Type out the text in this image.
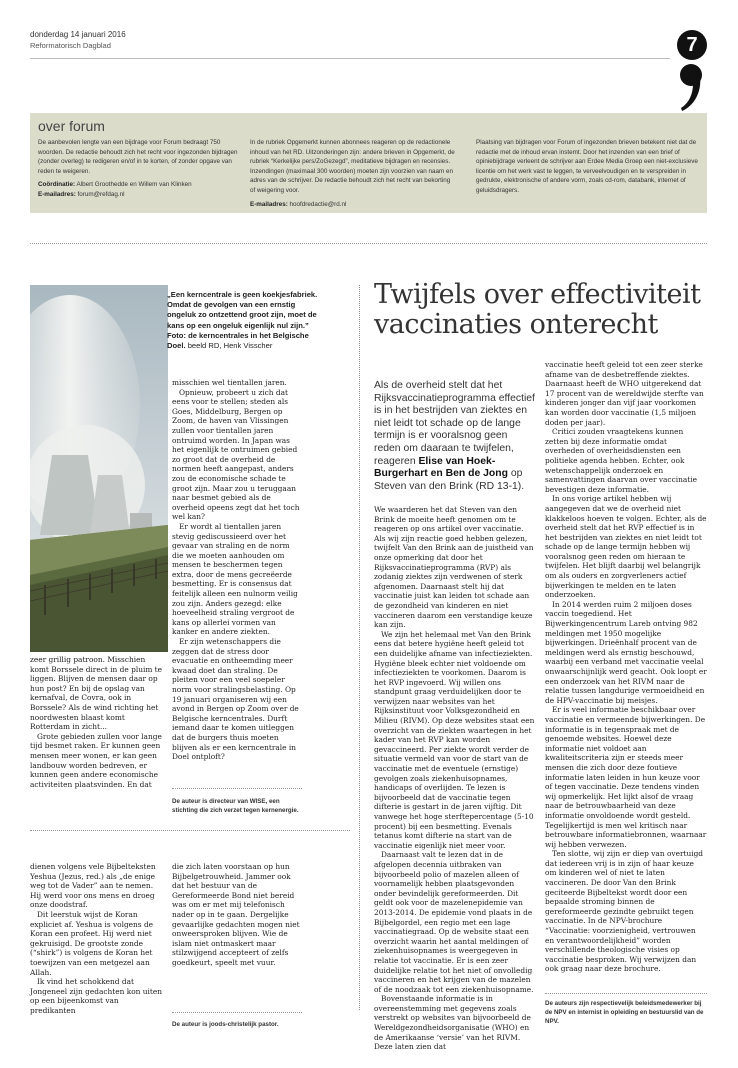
donderdag 14 januari 2016
Reformatorisch Dagblad	7
over forum
De aanbevolen lengte van een bijdrage voor Forum bedraagt 750 woorden. De redactie behoudt zich het recht voor ingezonden bijdragen (zonder overleg) te redigeren en/of in te korten, of zonder opgave van reden te weigeren.
Coördinatie: Albert Groothedde en Willem van Klinken
E-mailadres: forum@refdag.nl
In de rubriek Opgemerkt kunnen abonnees reageren op de redactionele inhoud van het RD. Uitzonderingen zijn: andere brieven in Opgemerkt, de rubriek “Kerkelijke pers/ZoGezegd”, meditatieve bijdragen en recensies. Inzendingen (maximaal 300 woorden) moeten zijn voorzien van naam en adres van de schrijver. De redactie behoudt zich het recht van bekorting of weigering voor.
E-mailadres: hoofdredactie@rd.nl
Plaatsing van bijdragen voor Forum of ingezonden brieven betekent niet dat de redactie met de inhoud ervan instemt. Door het inzenden van een brief of opiniebijdrage verleent de schrijver aan Erdee Media Groep een niet-exclusieve licentie om het werk vast te leggen, te verveelvoudigen en te verspreiden in gedrukte, elektronische of andere vorm, zoals cd-rom, databank, internet of geluidsdragers.
„Een kerncentrale is geen koekjesfabriek. Omdat de gevolgen van een ernstig ongeluk zo ontzettend groot zijn, moet de kans op een ongeluk eigenlijk nul zijn.” Foto: de kerncentrales in het Belgische Doel. beeld RD, Henk Visscher

zeer grillig patroon. Misschien komt Borssele direct in de pluim te liggen. Blijven de mensen daar op hun post? En bij de opslag van kernafval, de Covra, ook in Borssele? Als de wind richting het noordwesten blaast komt Rotterdam in zicht...

Grote gebieden zullen voor lange tijd besmet raken. Er kunnen geen mensen meer wonen, er kan geen landbouw worden bedreven, er kunnen geen andere economische activiteiten plaatsvinden. En dat

misschien wel tientallen jaren.

Opnieuw, probeert u zich dat eens voor te stellen; steden als Goes, Middelburg, Bergen op Zoom, de haven van Vlissingen zullen voor tientallen jaren ontruimd worden. In Japan was het eigenlijk te ontruimen gebied zo groot dat de overheid de normen heeft aangepast, anders zou de economische schade te groot zijn. Maar zou u teruggaan naar besmet gebied als de overheid opeens zegt dat het toch wel kan?

Er wordt al tientallen jaren stevig gediscussieerd over het gevaar van straling en de norm die we moeten aanhouden om mensen te beschermen tegen extra, door de mens gecreëerde besmetting. Er is consensus dat feitelijk alleen een nulnorm veilig zou zijn. Anders gezegd: elke hoeveelheid straling vergroot de kans op allerlei vormen van kanker en andere ziekten.

Er zijn wetenschappers die zeggen dat de stress door evacuatie en ontheemding meer kwaad doet dan straling. De pleiten voor een veel soepeler norm voor stralingsbelasting. Op 19 januari organiseren wij een avond in Bergen op Zoom over de Belgische kerncentrales. Durft iemand daar te komen uitleggen dat de burgers thuis moeten blijven als er een kerncentrale in Doel ontploft?

De auteur is directeur van WISE, een stichting die zich verzet tegen kernenergie.

dienen volgens vele Bijbelteksten Yeshua (Jezus, red.) als „de enige weg tot de Vader” aan te nemen. Hij werd voor ons mens en droeg onze doodstraf.

Dit leerstuk wijst de Koran expliciet af. Yeshua is volgens de Koran een profeet. Hij werd niet gekruisigd. De grootste zonde (“shirk”) is volgens de Koran het toewijzen van een metgezel aan Allah.

Ik vind het schokkend dat Jongeneel zijn gedachten kon uiten op een bijeenkomst van predikanten

die zich laten voorstaan op hun Bijbelgetrouwheid. Jammer ook dat het bestuur van de Gereformeerde Bond niet bereid was om er met mij telefonisch nader op in te gaan. Dergelijke gevaarlijke gedachten mogen niet onweersproken blijven. Wie de islam niet ontmaskert maar stilzwijgend accepteert of zelfs goedkeurt, speelt met vuur.

De auteur is joods-christelijk pastor.
Twijfels over effectiviteit vaccinaties onterecht
Als de overheid stelt dat het Rijksvaccinatieprogramma effectief is in het bestrijden van ziektes en niet leidt tot schade op de lange termijn is er vooralsnog geen reden om daaraan te twijfelen, reageren Elise van Hoek-Burgerhart en Ben de Jong op Steven van den Brink (RD 13-1).

We waarderen het dat Steven van den Brink de moeite heeft genomen om te reageren op ons artikel over vaccinatie. Als wij zijn reactie goed hebben gelezen, twijfelt Van den Brink aan de juistheid van onze opmerking dat door het Rijksvaccinatieprogramma (RVP) als zodanig ziektes zijn verdwenen of sterk afgenomen. Daarnaast stelt hij dat vaccinatie juist kan leiden tot schade aan de gezondheid van kinderen en niet vaccineren daarom een verstandige keuze kan zijn.

We zijn het helemaal met Van den Brink eens dat betere hygiëne heeft geleid tot een duidelijke afname van infectieziekten. Hygiëne bleek echter niet voldoende om infectieziekten te voorkomen. Daarom is het RVP ingevoerd. Wij willen ons standpunt graag verduidelijken door te verwijzen naar websites van het Rijksinstituut voor Volksgezondheid en Milieu (RIVM). Op deze websites staat een overzicht van de ziekten waartegen in het kader van het RVP kan worden gevaccineerd. Per ziekte wordt verder de situatie vermeld van voor de start van de vaccinatie met de eventuele (ernstige) gevolgen zoals ziekenhuisopnames, handicaps of overlijden. Te lezen is bijvoorbeeld dat de vaccinatie tegen difterie is gestart in de jaren vijftig. Dit vanwege het hoge sterftepercentage (5-10 procent) bij een besmetting. Evenals tetanus komt difterie na start van de vaccinatie eigenlijk niet meer voor.

Daarnaast valt te lezen dat in de afgelopen decennia uitbraken van bijvoorbeeld polio of mazelen alleen of voornamelijk hebben plaatsgevonden onder bevindelijk gereformeerden. Dit geldt ook voor de mazelenepidemie van 2013-2014. De epidemie vond plaats in de Bijbelgordel, een regio met een lage vaccinatiegraad. Op de website staat een overzicht waarin het aantal meldingen of ziekenhuisopnames is weergegeven in relatie tot vaccinatie. Er is een zeer duidelijke relatie tot het niet of onvolledig vaccineren en het krijgen van de mazelen of de noodzaak tot een ziekenhuisopname.

Bovenstaande informatie is in overeenstemming met gegevens zoals verstrekt op websites van bijvoorbeeld de Wereldgezondheidsorganisatie (WHO) en de Amerikaanse ‘versie’ van het RIVM. Deze laten zien dat

vaccinatie heeft geleid tot een zeer sterke afname van de desbetreffende ziektes. Daarnaast heeft de WHO uitgerekend dat 17 procent van de wereldwijde sterfte van kinderen jonger dan vijf jaar voorkomen kan worden door vaccinatie (1,5 miljoen doden per jaar).

Critici zouden vraagtekens kunnen zetten bij deze informatie omdat overheden of overheidsdiensten een politieke agenda hebben. Echter, ook wetenschappelijk onderzoek en samenvattingen daarvan over vaccinatie bevestigen deze informatie.

In ons vorige artikel hebben wij aangegeven dat we de overheid niet klakkeloos hoeven te volgen. Echter, als de overheid stelt dat het RVP effectief is in het bestrijden van ziektes en niet leidt tot schade op de lange termijn hebben wij vooralsnog geen reden om hieraan te twijfelen. Het blijft daarbij wel belangrijk om als ouders en zorgverleners actief bijwerkingen te melden en te laten onderzoeken.

In 2014 werden ruim 2 miljoen doses vaccin toegediend. Het Bijwerkingencentrum Lareb ontving 982 meldingen met 1950 mogelijke bijwerkingen. Drieënhalf procent van de meldingen werd als ernstig beschouwd, waarbij een verband met vaccinatie veelal onwaarschijnlijk werd geacht. Ook loopt er een onderzoek van het RIVM naar de relatie tussen langdurige vermoeidheid en de HPV-vaccinatie bij meisjes.

Er is veel informatie beschikbaar over vaccinatie en vermeende bijwerkingen. De informatie is in tegenspraak met de genoemde websites. Hoewel deze informatie niet voldoet aan kwaliteitscriteria zijn er steeds meer mensen die zich door deze foutieve informatie laten leiden in hun keuze voor of tegen vaccinatie. Deze tendens vinden wij opmerkelijk. Het lijkt alsof de vraag naar de betrouwbaarheid van deze informatie onvoldoende wordt gesteld. Tegelijkertijd is men wel kritisch naar betrouwbare informatiebronnen, waarnaar wij hebben verwezen.

Ten slotte, wij zijn er diep van overtuigd dat iedereen vrij is in zijn of haar keuze om kinderen wel of niet te laten vaccineren. De door Van den Brink geciteerde Bijbeltekst wordt door een bepaalde stroming binnen de gereformeerde gezindte gebruikt tegen vaccinatie. In de NPV-brochure “Vaccinatie: voorzienigheid, vertrouwen en verantwoordelijkheid” worden verschillende theologische visies op vaccinatie besproken. Wij verwijzen dan ook graag naar deze brochure.

De auteurs zijn respectievelijk beleidsmedewerker bij de NPV en internist in opleiding en bestuurslid van de NPV.
